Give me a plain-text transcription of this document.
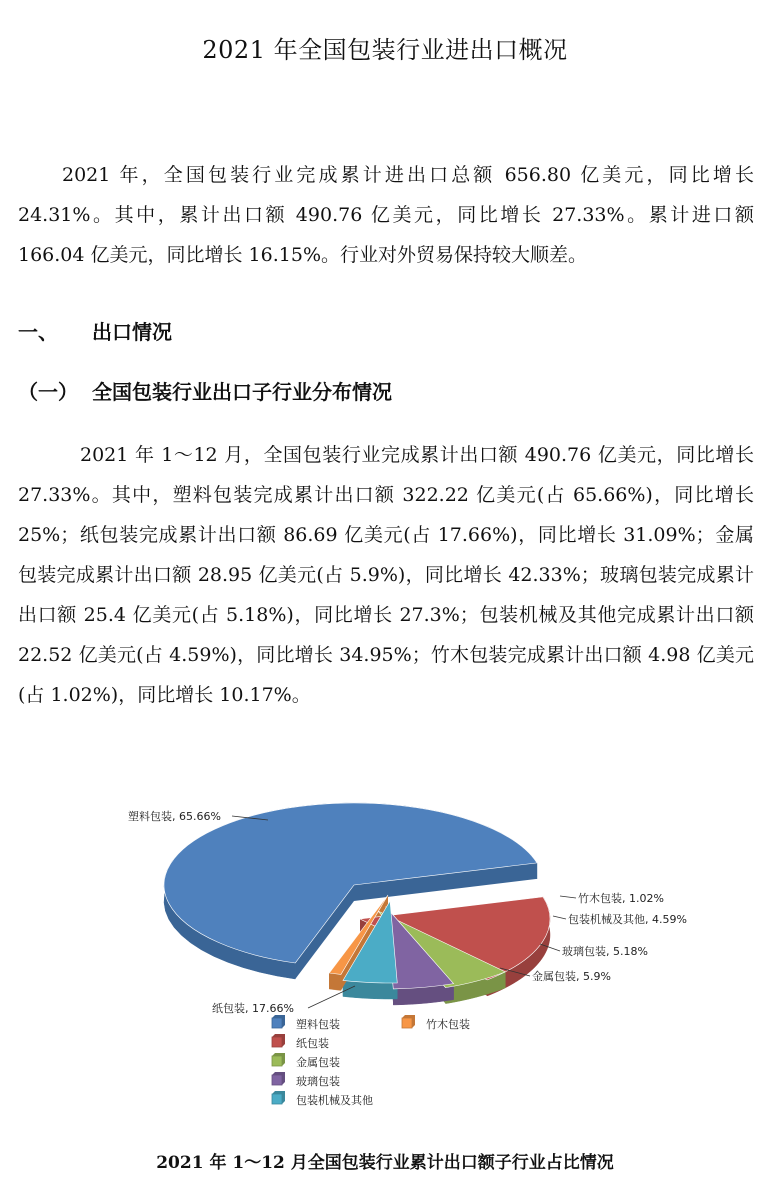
2021 年全国包装行业进出口概况
2021 年，全国包装行业完成累计进出口总额 656.80 亿美元，同比增长 24.31%。其中，累计出口额 490.76 亿美元，同比增长 27.33%。累计进口额 166.04 亿美元，同比增长 16.15%。行业对外贸易保持较大顺差。
一、 出口情况
（一） 全国包装行业出口子行业分布情况
2021 年 1～12 月，全国包装行业完成累计出口额 490.76 亿美元，同比增长 27.33%。其中，塑料包装完成累计出口额 322.22 亿美元(占 65.66%)，同比增长 25%；纸包装完成累计出口额 86.69 亿美元(占 17.66%)，同比增长 31.09%；金属包装完成累计出口额 28.95 亿美元(占 5.9%)，同比增长 42.33%；玻璃包装完成累计出口额 25.4 亿美元(占 5.18%)，同比增长 27.3%；包装机械及其他完成累计出口额 22.52 亿美元(占 4.59%)，同比增长 34.95%；竹木包装完成累计出口额 4.98 亿美元(占 1.02%)，同比增长 10.17%。
塑料包装, 65.66%
纸包装, 17.66%
金属包装, 5.9%
玻璃包装, 5.18%
包装机械及其他, 4.59%
竹木包装, 1.02%
塑料包装
纸包装
金属包装
玻璃包装
包装机械及其他
竹木包装
2021 年 1～12 月全国包装行业累计出口额子行业占比情况
